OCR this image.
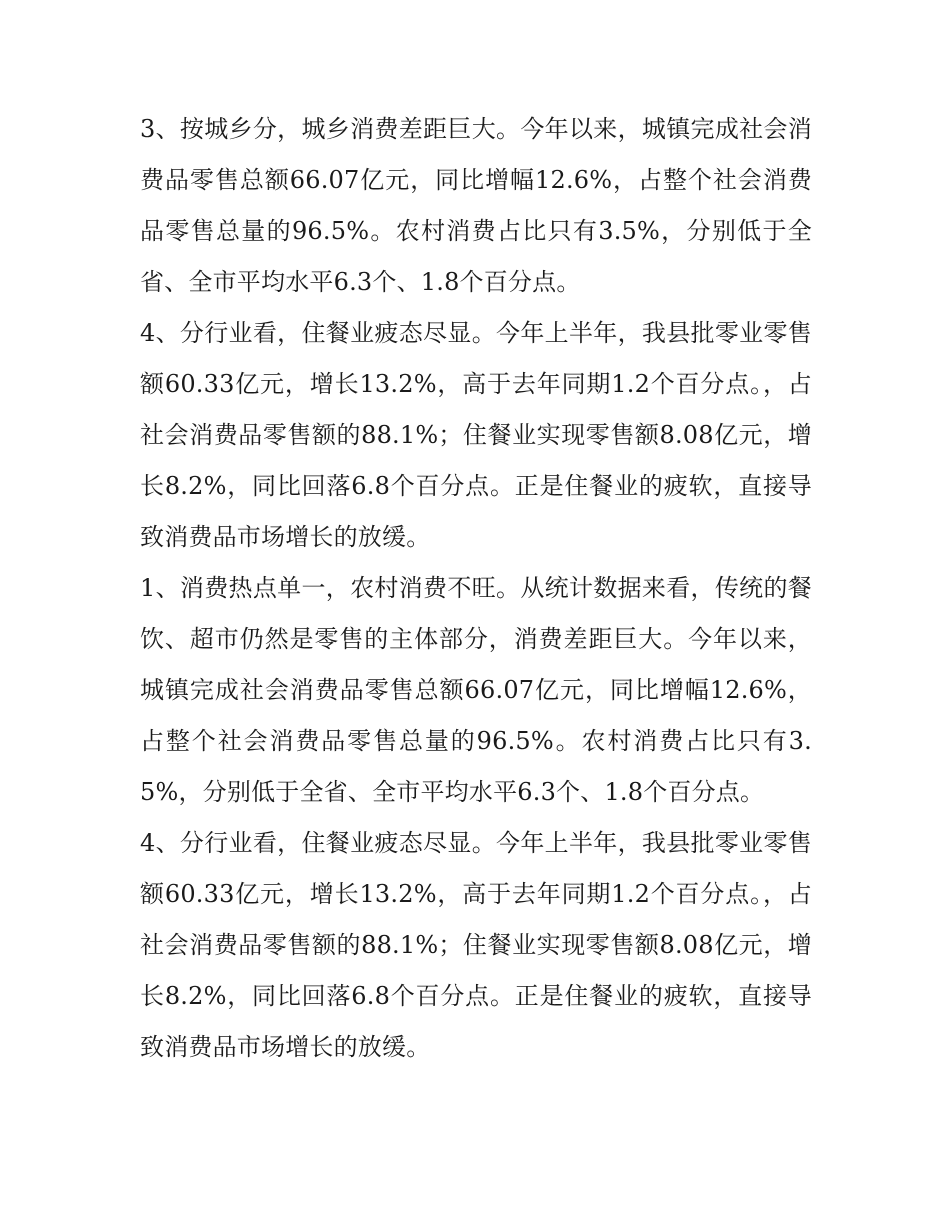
3、按城乡分，城乡消费差距巨大。今年以来，城镇完成社会消费品零售总额66.07亿元，同比增幅12.6%，占整个社会消费品零售总量的96.5%。农村消费占比只有3.5%，分别低于全省、全市平均水平6.3个、1.8个百分点。

4、分行业看，住餐业疲态尽显。今年上半年，我县批零业零售额60.33亿元，增长13.2%，高于去年同期1.2个百分点。，占社会消费品零售额的88.1%；住餐业实现零售额8.08亿元，增长8.2%，同比回落6.8个百分点。正是住餐业的疲软，直接导致消费品市场增长的放缓。

1、消费热点单一，农村消费不旺。从统计数据来看，传统的餐饮、超市仍然是零售的主体部分，消费差距巨大。今年以来，城镇完成社会消费品零售总额66.07亿元，同比增幅12.6%，占整个社会消费品零售总量的96.5%。农村消费占比只有3.5%，分别低于全省、全市平均水平6.3个、1.8个百分点。

4、分行业看，住餐业疲态尽显。今年上半年，我县批零业零售额60.33亿元，增长13.2%，高于去年同期1.2个百分点。，占社会消费品零售额的88.1%；住餐业实现零售额8.08亿元，增长8.2%，同比回落6.8个百分点。正是住餐业的疲软，直接导致消费品市场增长的放缓。
